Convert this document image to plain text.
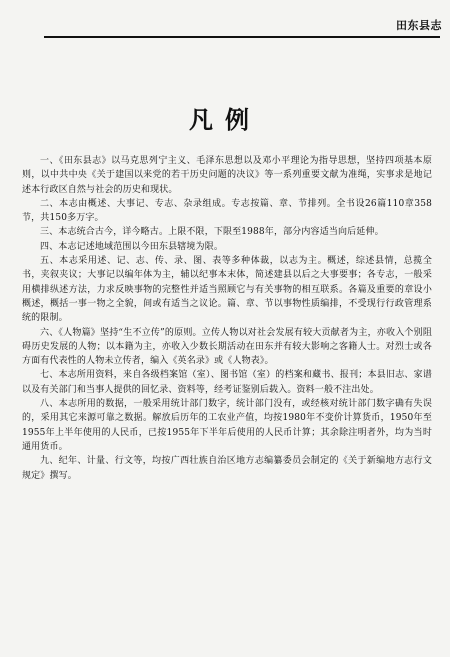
田东县志
凡例

一、《田东县志》以马克思列宁主义、毛泽东思想以及邓小平理论为指导思想，坚持四项基本原则，以中共中央《关于建国以来党的若干历史问题的决议》等一系列重要文献为准绳，实事求是地记述本行政区自然与社会的历史和现状。

二、本志由概述、大事记、专志、杂录组成。专志按篇、章、节排列。全书设26篇110章358节，共150多万字。

三、本志统合古今，详今略古。上限不限，下限至1988年，部分内容适当向后延伸。

四、本志记述地域范围以今田东县辖境为限。

五、本志采用述、记、志、传、录、图、表等多种体裁，以志为主。概述，综述县情，总揽全书，夹叙夹议；大事记以编年体为主，辅以纪事本末体，简述建县以后之大事要事；各专志，一般采用横排纵述方法，力求反映事物的完整性并适当照顾它与有关事物的相互联系。各篇及重要的章设小概述，概括一事一物之全貌，间或有适当之议论。篇、章、节以事物性质编排，不受现行行政管理系统的限制。

六、《人物篇》坚持“生不立传”的原则。立传人物以对社会发展有较大贡献者为主，亦收入个别阻碍历史发展的人物；以本籍为主，亦收入少数长期活动在田东并有较大影响之客籍人士。对烈士或各方面有代表性的人物未立传者，编入《英名录》或《人物表》。

七、本志所用资料，来自各级档案馆（室）、图书馆（室）的档案和藏书、报刊；本县旧志、家谱以及有关部门和当事人提供的回忆录、资料等，经考证鉴别后载入。资料一般不注出处。

八、本志所用的数据，一般采用统计部门数字，统计部门没有，或经核对统计部门数字确有失误的，采用其它来源可靠之数据。解放后历年的工农业产值，均按1980年不变价计算货币，1950年至1955年上半年使用的人民币，已按1955年下半年后使用的人民币计算；其余除注明者外，均为当时通用货币。

九、纪年、计量、行文等，均按广西壮族自治区地方志编纂委员会制定的《关于新编地方志行文规定》撰写。
